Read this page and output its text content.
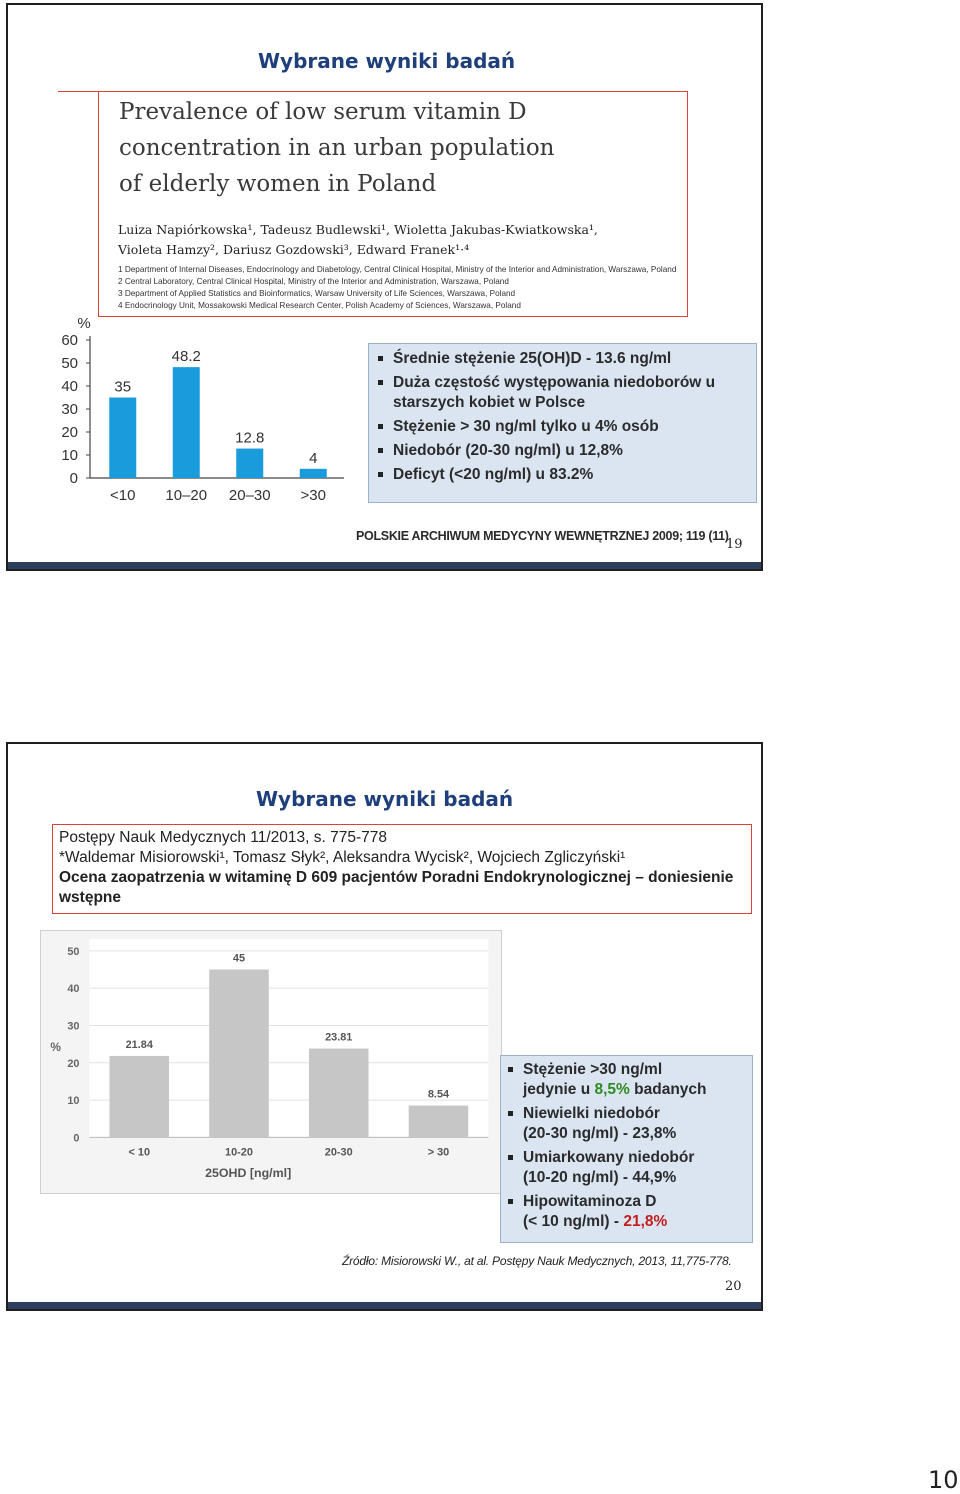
Wybrane wyniki badań
Prevalence of low serum vitamin D
concentration in an urban population
of elderly women in Poland
Luiza Napiórkowska¹, Tadeusz Budlewski¹, Wioletta Jakubas-Kwiatkowska¹,
Violeta Hamzy², Dariusz Gozdowski³, Edward Franek¹·⁴
1 Department of Internal Diseases, Endocrinology and Diabetology, Central Clinical Hospital, Ministry of the Interior and Administration, Warszawa, Poland
2 Central Laboratory, Central Clinical Hospital, Ministry of the Interior and Administration, Warszawa, Poland
3 Department of Applied Statistics and Bioinformatics, Warsaw University of Life Sciences, Warszawa, Poland
4 Endocrinology Unit, Mossakowski Medical Research Center, Polish Academy of Sciences, Warszawa, Poland
%
0
10
20
30
40
50
60
35
<10
48.2
10–20
12.8
20–30
4
>30
Średnie stężenie 25(OH)D - 13.6 ng/ml
Duża częstość występowania niedoborów u starszych kobiet w Polsce
Stężenie > 30 ng/ml tylko u 4% osób
Niedobór (20-30 ng/ml) u 12,8%
Deficyt (<20 ng/ml) u 83.2%
POLSKIE ARCHIWUM MEDYCYNY WEWNĘTRZNEJ 2009; 119 (11)
19
Wybrane wyniki badań
Postępy Nauk Medycznych 11/2013, s. 775-778
*Waldemar Misiorowski¹, Tomasz Słyk², Aleksandra Wycisk², Wojciech Zgliczyński¹
Ocena zaopatrzenia w witaminę D 609 pacjentów Poradni Endokrynologicznej – doniesienie wstępne
0
10
20
30
40
50
%	21.84
< 10
45
10-20
23.81
20-30
8.54
> 30
25OHD [ng/ml]
Stężenie >30 ng/ml
jedynie u 8,5% badanych
Niewielki niedobór
(20-30 ng/ml) - 23,8%
Umiarkowany niedobór
(10-20 ng/ml) - 44,9%
Hipowitaminoza D
(< 10 ng/ml) - 21,8%
Źródło: Misiorowski W., at al. Postępy Nauk Medycznych, 2013, 11,775-778.
20
10
